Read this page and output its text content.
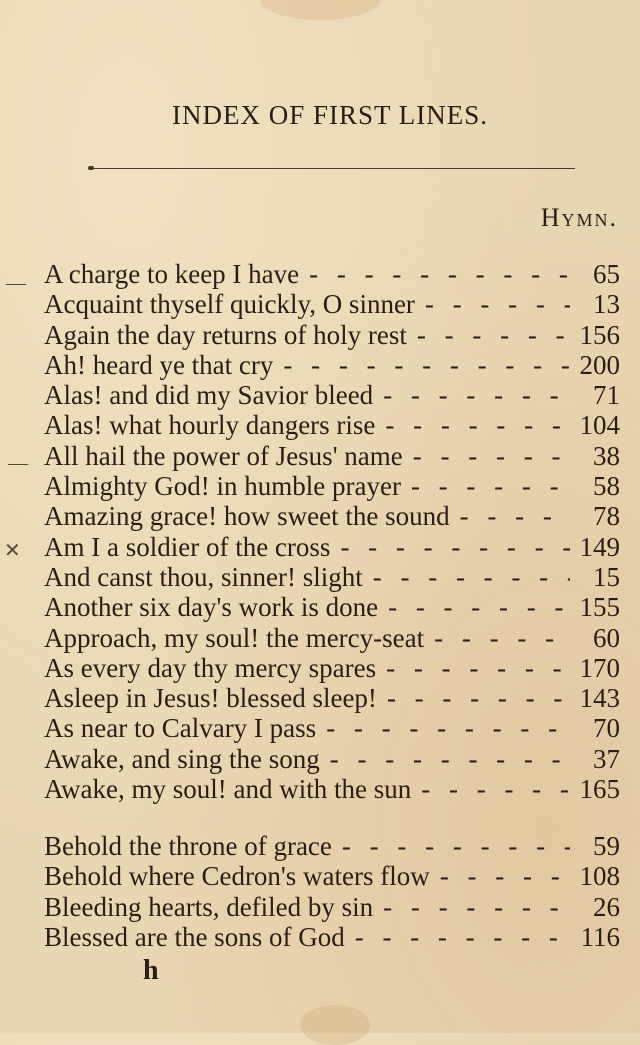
INDEX OF FIRST LINES.
Hymn.
—
—
✕
A charge to keep I have - - -	65
Acquaint thyself quickly, O sinner - - -	13
Again the day returns of holy rest - - -	156
Ah! heard ye that cry - - -	200
Alas! and did my Savior bleed - - -	71
Alas! what hourly dangers rise - - -	104
All hail the power of Jesus' name - - -	38
Almighty God! in humble prayer - - -	58
Amazing grace! how sweet the sound - - -	78
Am I a soldier of the cross - - -	149
And canst thou, sinner! slight - - -	15
Another six day's work is done - - -	155
Approach, my soul! the mercy-seat - - -	60
As every day thy mercy spares - - -	170
Asleep in Jesus! blessed sleep! - - -	143
As near to Calvary I pass - - -	70
Awake, and sing the song - - -	37
Awake, my soul! and with the sun - - -	165
Behold the throne of grace - - -	59
Behold where Cedron's waters flow - - -	108
Bleeding hearts, defiled by sin - - -	26
Blessed are the sons of God - - -	116
h
